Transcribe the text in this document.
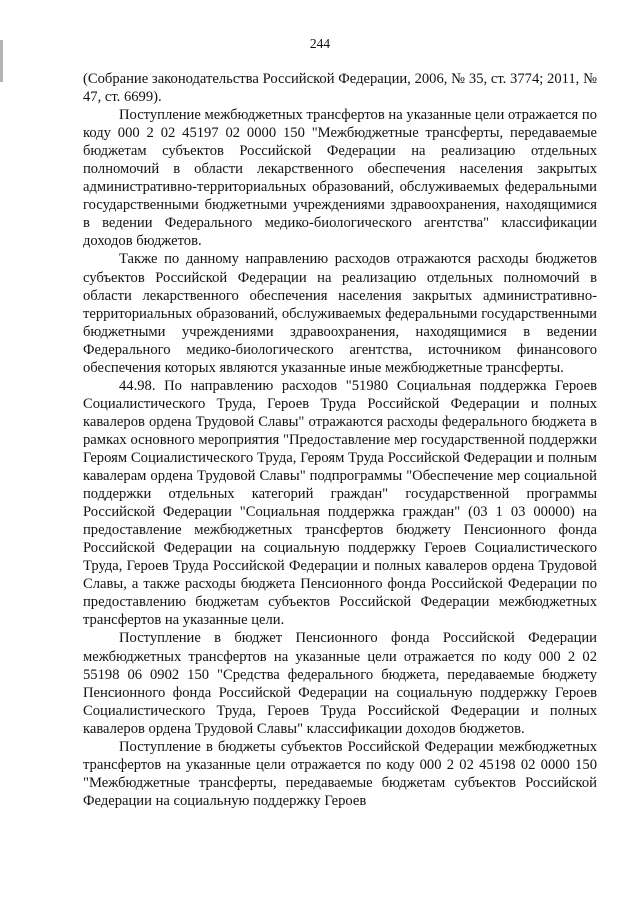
244

(Собрание законодательства Российской Федерации, 2006, № 35, ст. 3774; 2011, № 47, ст. 6699).

Поступление межбюджетных трансфертов на указанные цели отражается по коду 000 2 02 45197 02 0000 150 "Межбюджетные трансферты, передаваемые бюджетам субъектов Российской Федерации на реализацию отдельных полномочий в области лекарственного обеспечения населения закрытых административно-территориальных образований, обслуживаемых федеральными государственными бюджетными учреждениями здравоохранения, находящимися в ведении Федерального медико-биологического агентства" классификации доходов бюджетов.

Также по данному направлению расходов отражаются расходы бюджетов субъектов Российской Федерации на реализацию отдельных полномочий в области лекарственного обеспечения населения закрытых административно-территориальных образований, обслуживаемых федеральными государственными бюджетными учреждениями здравоохранения, находящимися в ведении Федерального медико-биологического агентства, источником финансового обеспечения которых являются указанные иные межбюджетные трансферты.

44.98. По направлению расходов "51980 Социальная поддержка Героев Социалистического Труда, Героев Труда Российской Федерации и полных кавалеров ордена Трудовой Славы" отражаются расходы федерального бюджета в рамках основного мероприятия "Предоставление мер государственной поддержки Героям Социалистического Труда, Героям Труда Российской Федерации и полным кавалерам ордена Трудовой Славы" подпрограммы "Обеспечение мер социальной поддержки отдельных категорий граждан" государственной программы Российской Федерации "Социальная поддержка граждан" (03 1 03 00000) на предоставление межбюджетных трансфертов бюджету Пенсионного фонда Российской Федерации на социальную поддержку Героев Социалистического Труда, Героев Труда Российской Федерации и полных кавалеров ордена Трудовой Славы, а также расходы бюджета Пенсионного фонда Российской Федерации по предоставлению бюджетам субъектов Российской Федерации межбюджетных трансфертов на указанные цели.

Поступление в бюджет Пенсионного фонда Российской Федерации межбюджетных трансфертов на указанные цели отражается по коду 000 2 02 55198 06 0902 150 "Средства федерального бюджета, передаваемые бюджету Пенсионного фонда Российской Федерации на социальную поддержку Героев Социалистического Труда, Героев Труда Российской Федерации и полных кавалеров ордена Трудовой Славы" классификации доходов бюджетов.

Поступление в бюджеты субъектов Российской Федерации межбюджетных трансфертов на указанные цели отражается по коду 000 2 02 45198 02 0000 150 "Межбюджетные трансферты, передаваемые бюджетам субъектов Российской Федерации на социальную поддержку Героев
